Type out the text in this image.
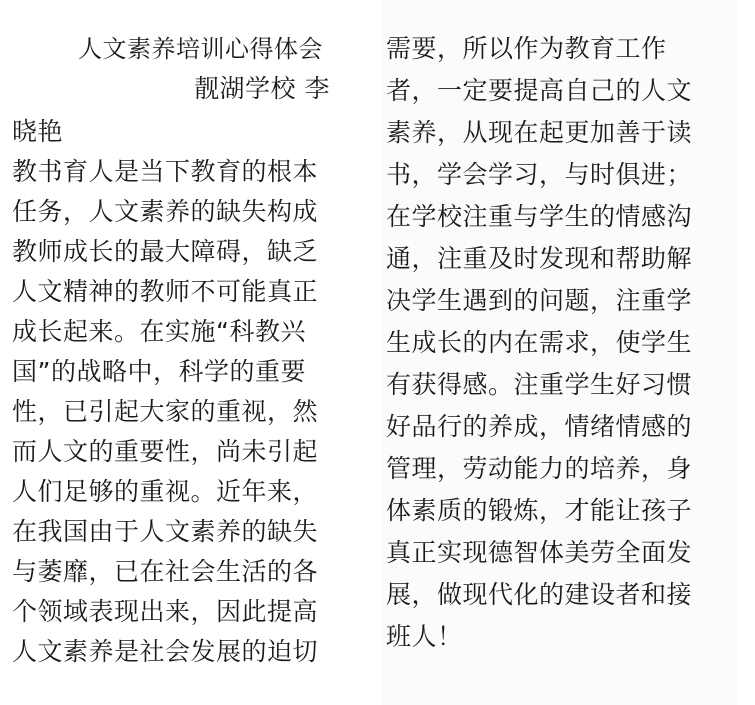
人文素养培训心得体会
靓湖学校 李
晓艳
教书育人是当下教育的根本
任务，人文素养的缺失构成
教师成长的最大障碍，缺乏
人文精神的教师不可能真正
成长起来。在实施“科教兴
国”的战略中，科学的重要
性，已引起大家的重视，然
而人文的重要性，尚未引起
人们足够的重视。近年来，
在我国由于人文素养的缺失
与萎靡，已在社会生活的各
个领域表现出来，因此提高
人文素养是社会发展的迫切
需要，所以作为教育工作
者，一定要提高自己的人文
素养，从现在起更加善于读
书，学会学习，与时俱进；
在学校注重与学生的情感沟
通，注重及时发现和帮助解
决学生遇到的问题，注重学
生成长的内在需求，使学生
有获得感。注重学生好习惯
好品行的养成，情绪情感的
管理，劳动能力的培养，身
体素质的锻炼，才能让孩子
真正实现德智体美劳全面发
展，做现代化的建设者和接
班人！
